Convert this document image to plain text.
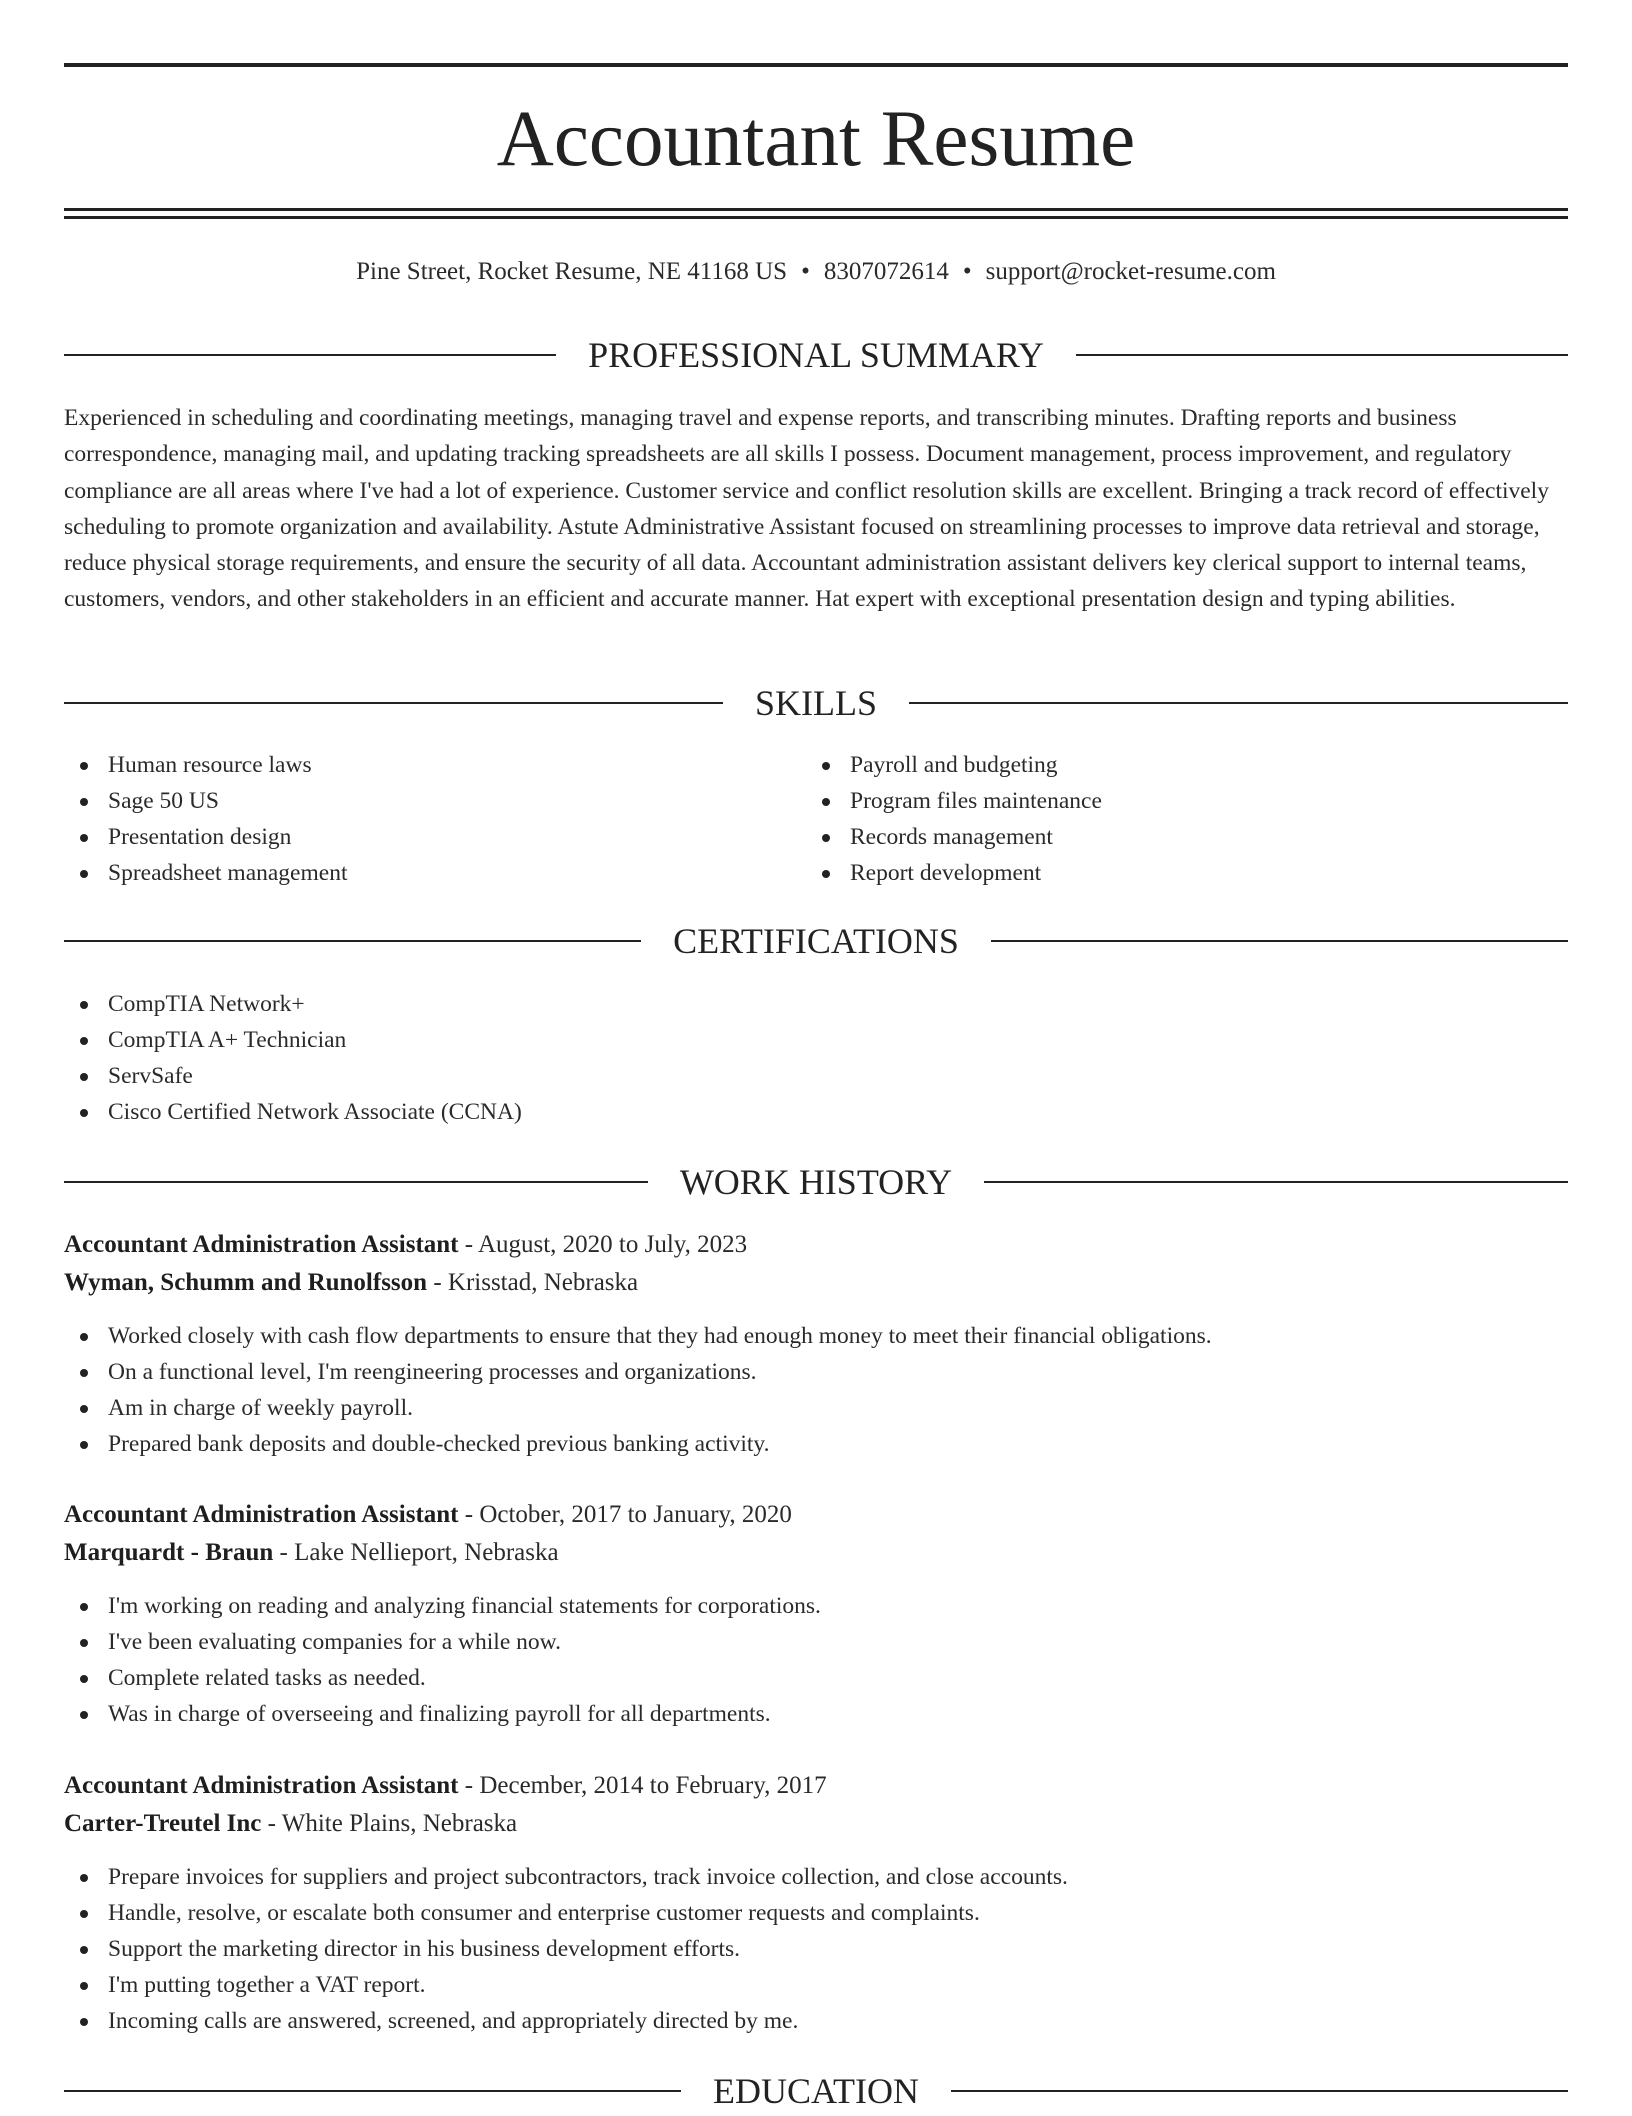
Accountant Resume
Pine Street, Rocket Resume, NE 41168 US • 8307072614 • support@rocket-resume.com
PROFESSIONAL SUMMARY

Experienced in scheduling and coordinating meetings, managing travel and expense reports, and transcribing minutes. Drafting reports and business correspondence, managing mail, and updating tracking spreadsheets are all skills I possess. Document management, process improvement, and regulatory compliance are all areas where I've had a lot of experience. Customer service and conflict resolution skills are excellent. Bringing a track record of effectively scheduling to promote organization and availability. Astute Administrative Assistant focused on streamlining processes to improve data retrieval and storage, reduce physical storage requirements, and ensure the security of all data. Accountant administration assistant delivers key clerical support to internal teams, customers, vendors, and other stakeholders in an efficient and accurate manner. Hat expert with exceptional presentation design and typing abilities.

SKILLS
Human resource laws
Sage 50 US
Presentation design
Spreadsheet management
Payroll and budgeting
Program files maintenance
Records management
Report development
CERTIFICATIONS
CompTIA Network+
CompTIA A+ Technician
ServSafe
Cisco Certified Network Associate (CCNA)
WORK HISTORY
Accountant Administration Assistant - August, 2020 to July, 2023
Wyman, Schumm and Runolfsson - Krisstad, Nebraska
Worked closely with cash flow departments to ensure that they had enough money to meet their financial obligations.
On a functional level, I'm reengineering processes and organizations.
Am in charge of weekly payroll.
Prepared bank deposits and double-checked previous banking activity.
Accountant Administration Assistant - October, 2017 to January, 2020
Marquardt - Braun - Lake Nellieport, Nebraska
I'm working on reading and analyzing financial statements for corporations.
I've been evaluating companies for a while now.
Complete related tasks as needed.
Was in charge of overseeing and finalizing payroll for all departments.
Accountant Administration Assistant - December, 2014 to February, 2017
Carter-Treutel Inc - White Plains, Nebraska
Prepare invoices for suppliers and project subcontractors, track invoice collection, and close accounts.
Handle, resolve, or escalate both consumer and enterprise customer requests and complaints.
Support the marketing director in his business development efforts.
I'm putting together a VAT report.
Incoming calls are answered, screened, and appropriately directed by me.
EDUCATION
